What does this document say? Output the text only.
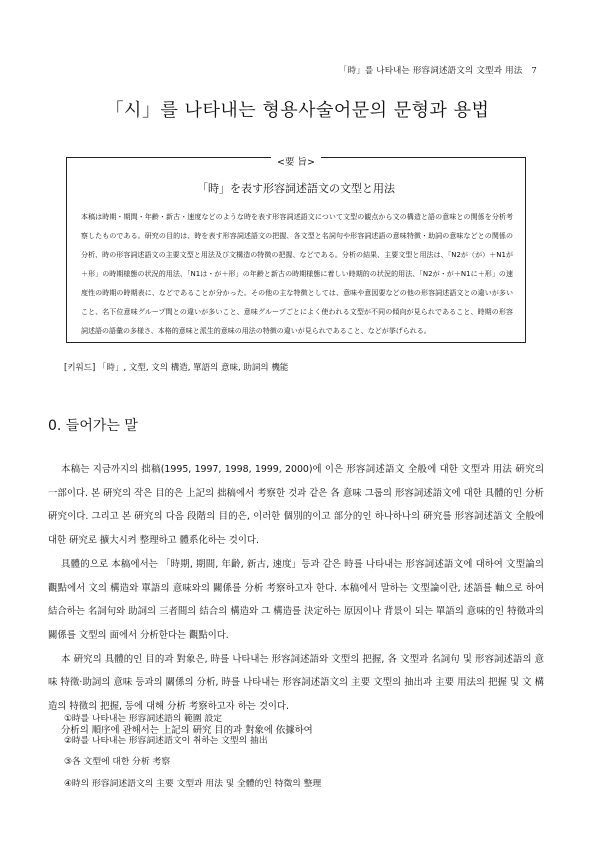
「時」를 나타내는 形容詞述語文의 文型과 用法 7
「시」를 나타내는 형용사술어문의 문형과 용법
<要 旨>
「時」を表す形容詞述語文の文型と用法
本稿は時期・期間・年齢・新古・速度などのような時を表す形容詞述語文について文型の観点から文の構造と語の意味との関係を分析考察したものである。研究の目的は、時を表す形容詞述語文の把握、各文型と名詞句や形容詞述語の意味特徴・助詞の意味などとの関係の分析、時の形容詞述語文の主要文型と用法及び文構造の特徴の把握、などである。分析の結果、主要文型と用法は、「N2が（が）＋N1が＋形」の時期様態の状況的用法、「N1は・が＋形」の年齢と新古の時期様態に着しい時期的の状況的用法、「N2が・が＋N1に＋形」の速度性の時期の時期表に、などであることが分かった。その他の主な特徴としては、意味や意図要などの他の形容詞述語文との違いが多いこと、名下位意味グループ間との違いが多いこと、意味グループごとによく使われる文型が不同の傾向が見られであること、時期の形容詞述語の語彙の多様さ、本格的意味と派生的意味の用法の特徴の違いが見られであること、などが挙げられる。
[키워드] 「時」, 文型, 文의 構造, 單語의 意味, 助詞의 機能
0. 들어가는 말

本稿는 지금까지의 拙稿(1995, 1997, 1998, 1999, 2000)에 이은 形容詞述語文 全般에 대한 文型과 用法 硏究의 一部이다. 본 硏究의 작은 目的은 上記의 拙稿에서 考察한 것과 같은 各 意味 그룹의 形容詞述語文에 대한 具體的인 分析 硏究이다. 그리고 본 硏究의 다음 段階의 目的은, 이러한 個別的이고 部分的인 하나하나의 硏究를 形容詞述語文 全般에 대한 硏究로 擴大시켜 整理하고 體系化하는 것이다.

具體的으로 本稿에서는 「時期, 期間, 年齡, 新古, 速度」등과 같은 時를 나타내는 形容詞述語文에 대하여 文型論의 觀點에서 文의 構造와 單語의 意味와의 關係를 分析 考察하고자 한다. 本稿에서 말하는 文型論이란, 述語를 軸으로 하여 結合하는 名詞句와 助詞의 三者間의 結合의 構造와 그 構造를 決定하는 原因이나 背景이 되는 單語의 意味的인 特徵과의 關係를 文型의 面에서 分析한다는 觀點이다.

本 硏究의 具體的인 目的과 對象은, 時를 나타내는 形容詞述語와 文型의 把握, 各 文型과 名詞句 및 形容詞述語의 意味 特徵·助詞의 意味 등과의 關係의 分析, 時를 나타내는 形容詞述語文의 主要 文型의 抽出과 主要 用法의 把握 및 文 構造의 特徵의 把握, 등에 대해 分析 考察하고자 하는 것이다.

分析의 順序에 관해서는 上記의 硏究 目的과 對象에 依據하여

①時를 나타내는 形容詞述語의 範圍 設定
②時를 나타내는 形容詞述語文이 취하는 文型의 抽出
③各 文型에 대한 分析 考察
④時의 形容詞述語文의 主要 文型과 用法 및 全體的인 特徵의 整理
